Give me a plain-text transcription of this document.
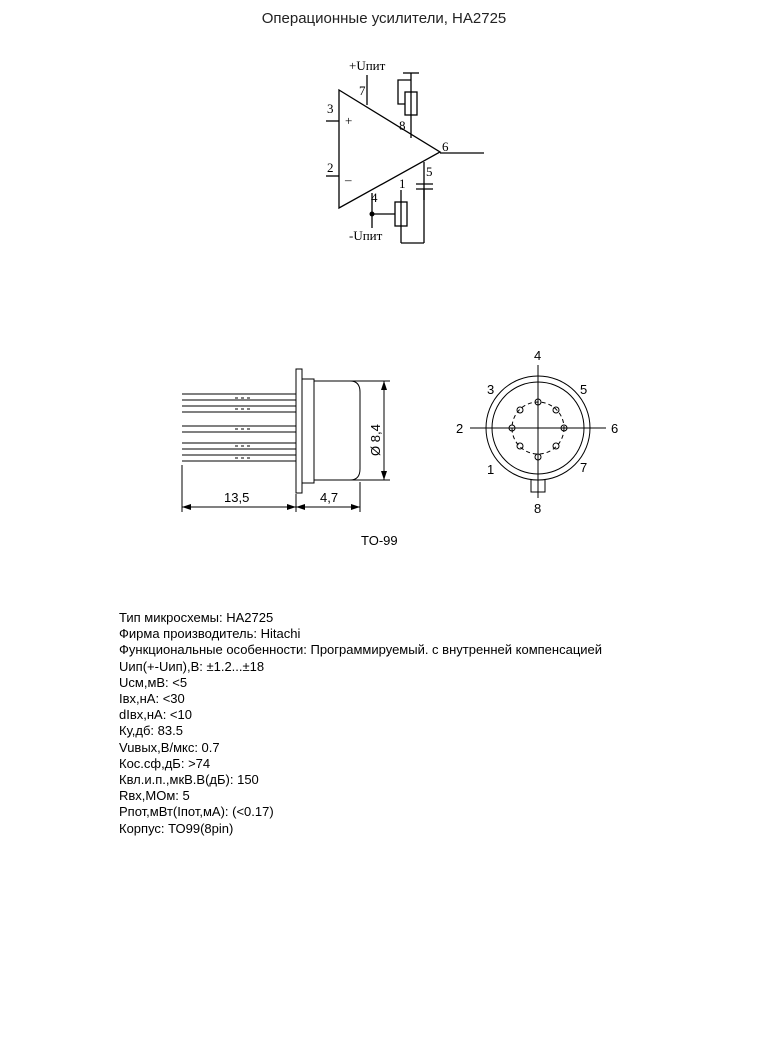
Операционные усилители, НА2725
+Uпит
-Uпит
+
–
7
3
8
2
6
1
5
4
13,5	4,7
Ø 8,4
TO-99
4
3	5
2	6
1	7
8
Тип микросхемы: НА2725
Фирма производитель: Hitachi
Функциональные особенности: Программируемый. с внутренней компенсацией
Uип(+-Uип),В: ±1.2...±18
Uсм,мВ: <5
Iвх,нА: <30
dIвх,нА: <10
Ку,дб: 83.5
Vuвых,В/мкс: 0.7
Кос.сф,дБ: >74
Квл.и.п.,мкВ.В(дБ): 150
Rвх,МОм: 5
Рпот,мВт(Iпот,мА): (<0.17)
Корпус: ТО99(8pin)
